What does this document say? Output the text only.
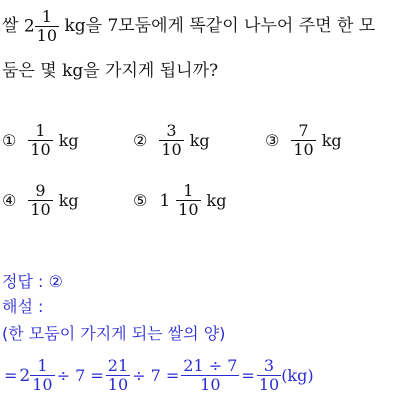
쌀 $2 \frac{1}{10}$ kg을 7모둠에게 똑같이 나누어 주면 한 모
둠은 몇 kg을 가지게 됩니까?
① $\frac{1}{10}$ kg	② $\frac{3}{10}$ kg	③ $\frac{7}{10}$ kg
④ $\frac{9}{10}$ kg	⑤ $1 \frac{1}{10}$ kg
정답 : ②
해설 :
(한 모둠이 가지게 되는 쌀의 양)
= $2 \frac{1}{10} \div 7 = \frac{21}{10} \div 7 = \frac{21 \div 7}{10} = \frac{3}{10} (kg)$
